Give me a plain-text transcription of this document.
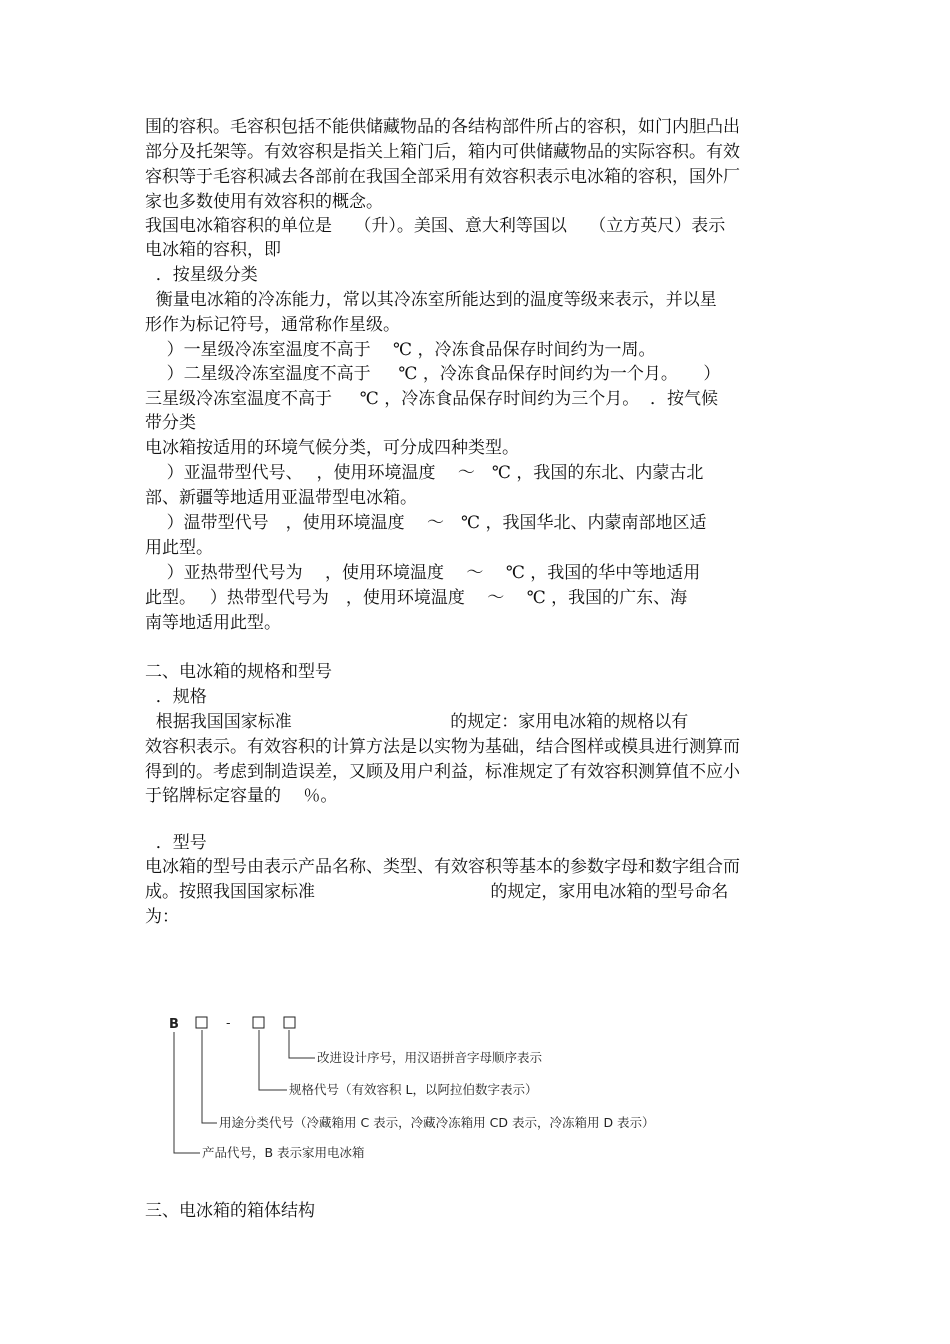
围的容积。毛容积包括不能供储藏物品的各结构部件所占的容积，如门内胆凸出
部分及托架等。有效容积是指关上箱门后，箱内可供储藏物品的实际容积。有效
容积等于毛容积减去各部前在我国全部采用有效容积表示电冰箱的容积，国外厂
家也多数使用有效容积的概念。
我国电冰箱容积的单位是　 （升）。美国、意大利等国以　 （立方英尺）表示
电冰箱的容积，即
．按星级分类
衡量电冰箱的冷冻能力，常以其冷冻室所能达到的温度等级来表示，并以星
形作为标记符号，通常称作星级。
）一星级冷冻室温度不高于　 ℃ ，冷冻食品保存时间约为一周。
）二星级冷冻室温度不高于　  ℃ ，冷冻食品保存时间约为一个月。　　）
三星级冷冻室温度不高于　  ℃ ，冷冻食品保存时间约为三个月。  ．按气候
带分类
电冰箱按适用的环境气候分类，可分成四种类型。
）亚温带型代号、　 ，使用环境温度　 ～　℃ ，我国的东北、内蒙古北
部、新疆等地适用亚温带型电冰箱。
）温带型代号　，使用环境温度　 ～　℃ ，我国华北、内蒙南部地区适
用此型。
）亚热带型代号为　 ，使用环境温度　 ～　 ℃ ，我国的华中等地适用
此型。　 ）热带型代号为　，使用环境温度　 ～　 ℃ ，我国的广东、海
南等地适用此型。
二、电冰箱的规格和型号
．规格
根据我国国家标准　　　　　　　　　 的规定：家用电冰箱的规格以有
效容积表示。有效容积的计算方法是以实物为基础，结合图样或模具进行测算而
得到的。考虑到制造误差，又顾及用户利益，标准规定了有效容积测算值不应小
于铭牌标定容量的　 ％。
．型号
电冰箱的型号由表示产品名称、类型、有效容积等基本的参数字母和数字组合而
成。按照我国国家标准　　　　　　　　　　 的规定，家用电冰箱的型号命名
为：
B	-
改进设计序号，用汉语拼音字母顺序表示
规格代号（有效容积 L，以阿拉伯数字表示）
用途分类代号（冷藏箱用 C 表示，冷藏冷冻箱用 CD 表示，冷冻箱用 D 表示）
产品代号，B 表示家用电冰箱
三、电冰箱的箱体结构
